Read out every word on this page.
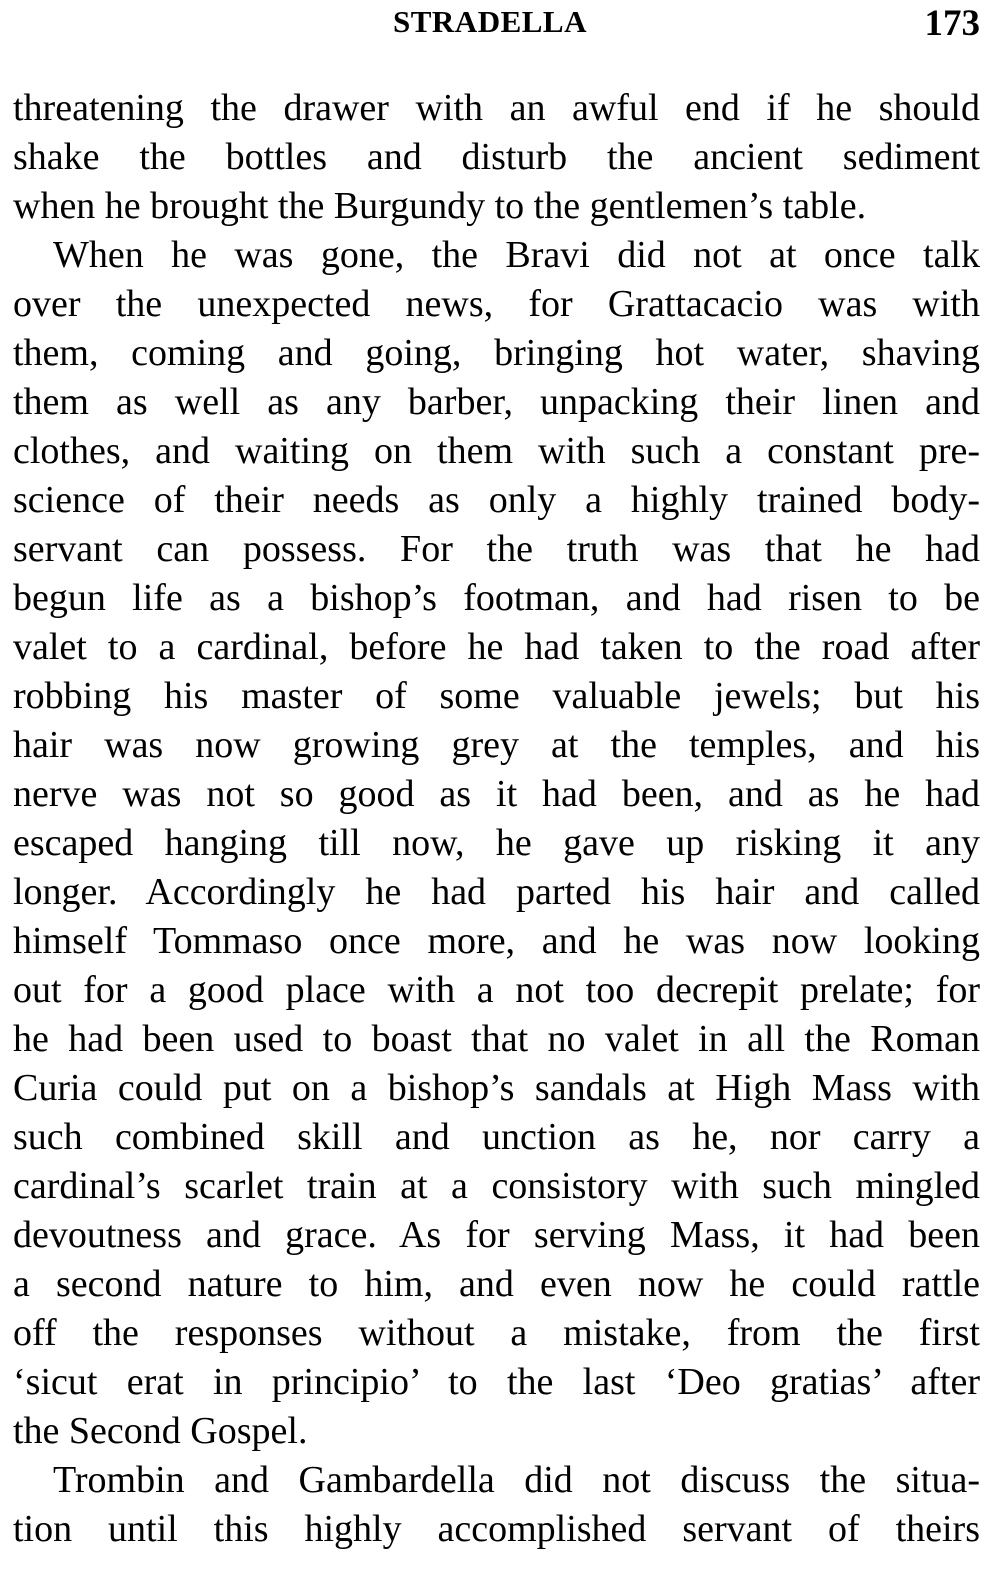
STRADELLA	173
threatening the drawer with an awful end if he should
shake the bottles and disturb the ancient sediment
when he brought the Burgundy to the gentlemen’s table.
When he was gone, the Bravi did not at once talk
over the unexpected news, for Grattacacio was with
them, coming and going, bringing hot water, shaving
them as well as any barber, unpacking their linen and
clothes, and waiting on them with such a constant pre-
science of their needs as only a highly trained body-
servant can possess. For the truth was that he had
begun life as a bishop’s footman, and had risen to be
valet to a cardinal, before he had taken to the road after
robbing his master of some valuable jewels; but his
hair was now growing grey at the temples, and his
nerve was not so good as it had been, and as he had
escaped hanging till now, he gave up risking it any
longer. Accordingly he had parted his hair and called
himself Tommaso once more, and he was now looking
out for a good place with a not too decrepit prelate; for
he had been used to boast that no valet in all the Roman
Curia could put on a bishop’s sandals at High Mass with
such combined skill and unction as he, nor carry a
cardinal’s scarlet train at a consistory with such mingled
devoutness and grace. As for serving Mass, it had been
a second nature to him, and even now he could rattle
off the responses without a mistake, from the first
‘sicut erat in principio’ to the last ‘Deo gratias’ after
the Second Gospel.
Trombin and Gambardella did not discuss the situa-
tion until this highly accomplished servant of theirs
